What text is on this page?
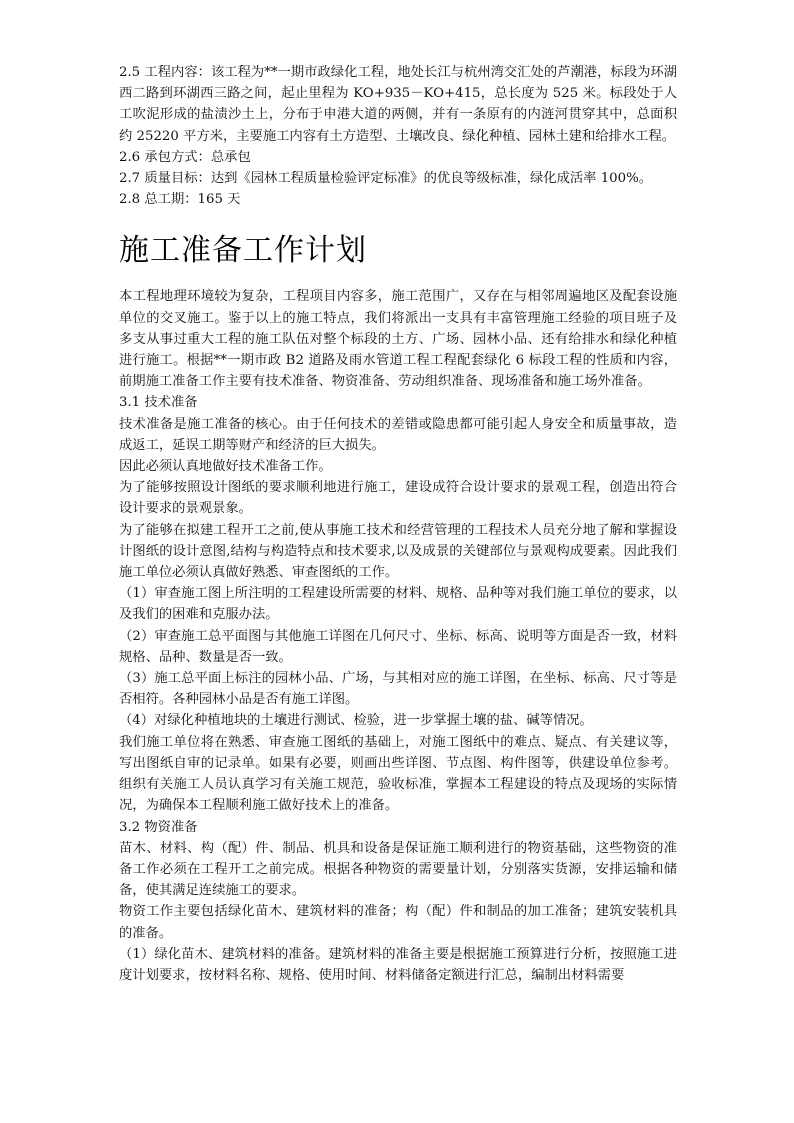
2.5 工程内容：该工程为**一期市政绿化工程，地处长江与杭州湾交汇处的芦潮港，标段为环湖西二路到环湖西三路之间，起止里程为 KO+935－KO+415，总长度为 525 米。标段处于人工吹泥形成的盐渍沙土上，分布于申港大道的两侧，并有一条原有的内涟河贯穿其中，总面积约 25220 平方米，主要施工内容有土方造型、土壤改良、绿化种植、园林土建和给排水工程。

2.6 承包方式：总承包

2.7 质量目标：达到《园林工程质量检验评定标准》的优良等级标准，绿化成活率 100%。

2.8 总工期：165 天

施工准备工作计划

本工程地理环境较为复杂，工程项目内容多，施工范围广，又存在与相邻周遍地区及配套设施单位的交叉施工。鉴于以上的施工特点，我们将派出一支具有丰富管理施工经验的项目班子及多支从事过重大工程的施工队伍对整个标段的土方、广场、园林小品、还有给排水和绿化种植进行施工。根据**一期市政 B2 道路及雨水管道工程工程配套绿化 6 标段工程的性质和内容，前期施工准备工作主要有技术准备、物资准备、劳动组织准备、现场准备和施工场外准备。

3.1 技术准备

技术准备是施工准备的核心。由于任何技术的差错或隐患都可能引起人身安全和质量事故，造成返工，延误工期等财产和经济的巨大损失。

因此必须认真地做好技术准备工作。

为了能够按照设计图纸的要求顺利地进行施工，建设成符合设计要求的景观工程，创造出符合设计要求的景观景象。

为了能够在拟建工程开工之前,使从事施工技术和经营管理的工程技术人员充分地了解和掌握设计图纸的设计意图,结构与构造特点和技术要求,以及成景的关键部位与景观构成要素。因此我们施工单位必须认真做好熟悉、审查图纸的工作。

（1）审查施工图上所注明的工程建设所需要的材料、规格、品种等对我们施工单位的要求，以及我们的困难和克服办法。

（2）审查施工总平面图与其他施工详图在几何尺寸、坐标、标高、说明等方面是否一致，材料规格、品种、数量是否一致。

（3）施工总平面上标注的园林小品、广场，与其相对应的施工详图，在坐标、标高、尺寸等是否相符。各种园林小品是否有施工详图。

（4）对绿化种植地块的土壤进行测试、检验，进一步掌握土壤的盐、碱等情况。

我们施工单位将在熟悉、审查施工图纸的基础上，对施工图纸中的难点、疑点、有关建议等，写出图纸自审的记录单。如果有必要，则画出些详图、节点图、构件图等，供建设单位参考。组织有关施工人员认真学习有关施工规范，验收标准，掌握本工程建设的特点及现场的实际情况，为确保本工程顺利施工做好技术上的准备。

3.2 物资准备

苗木、材料、构（配）件、制品、机具和设备是保证施工顺利进行的物资基础，这些物资的准备工作必须在工程开工之前完成。根据各种物资的需要量计划，分别落实货源，安排运输和储备，使其满足连续施工的要求。

物资工作主要包括绿化苗木、建筑材料的准备；构（配）件和制品的加工准备；建筑安装机具的准备。

（1）绿化苗木、建筑材料的准备。建筑材料的准备主要是根据施工预算进行分析，按照施工进度计划要求，按材料名称、规格、使用时间、材料储备定额进行汇总，编制出材料需要
